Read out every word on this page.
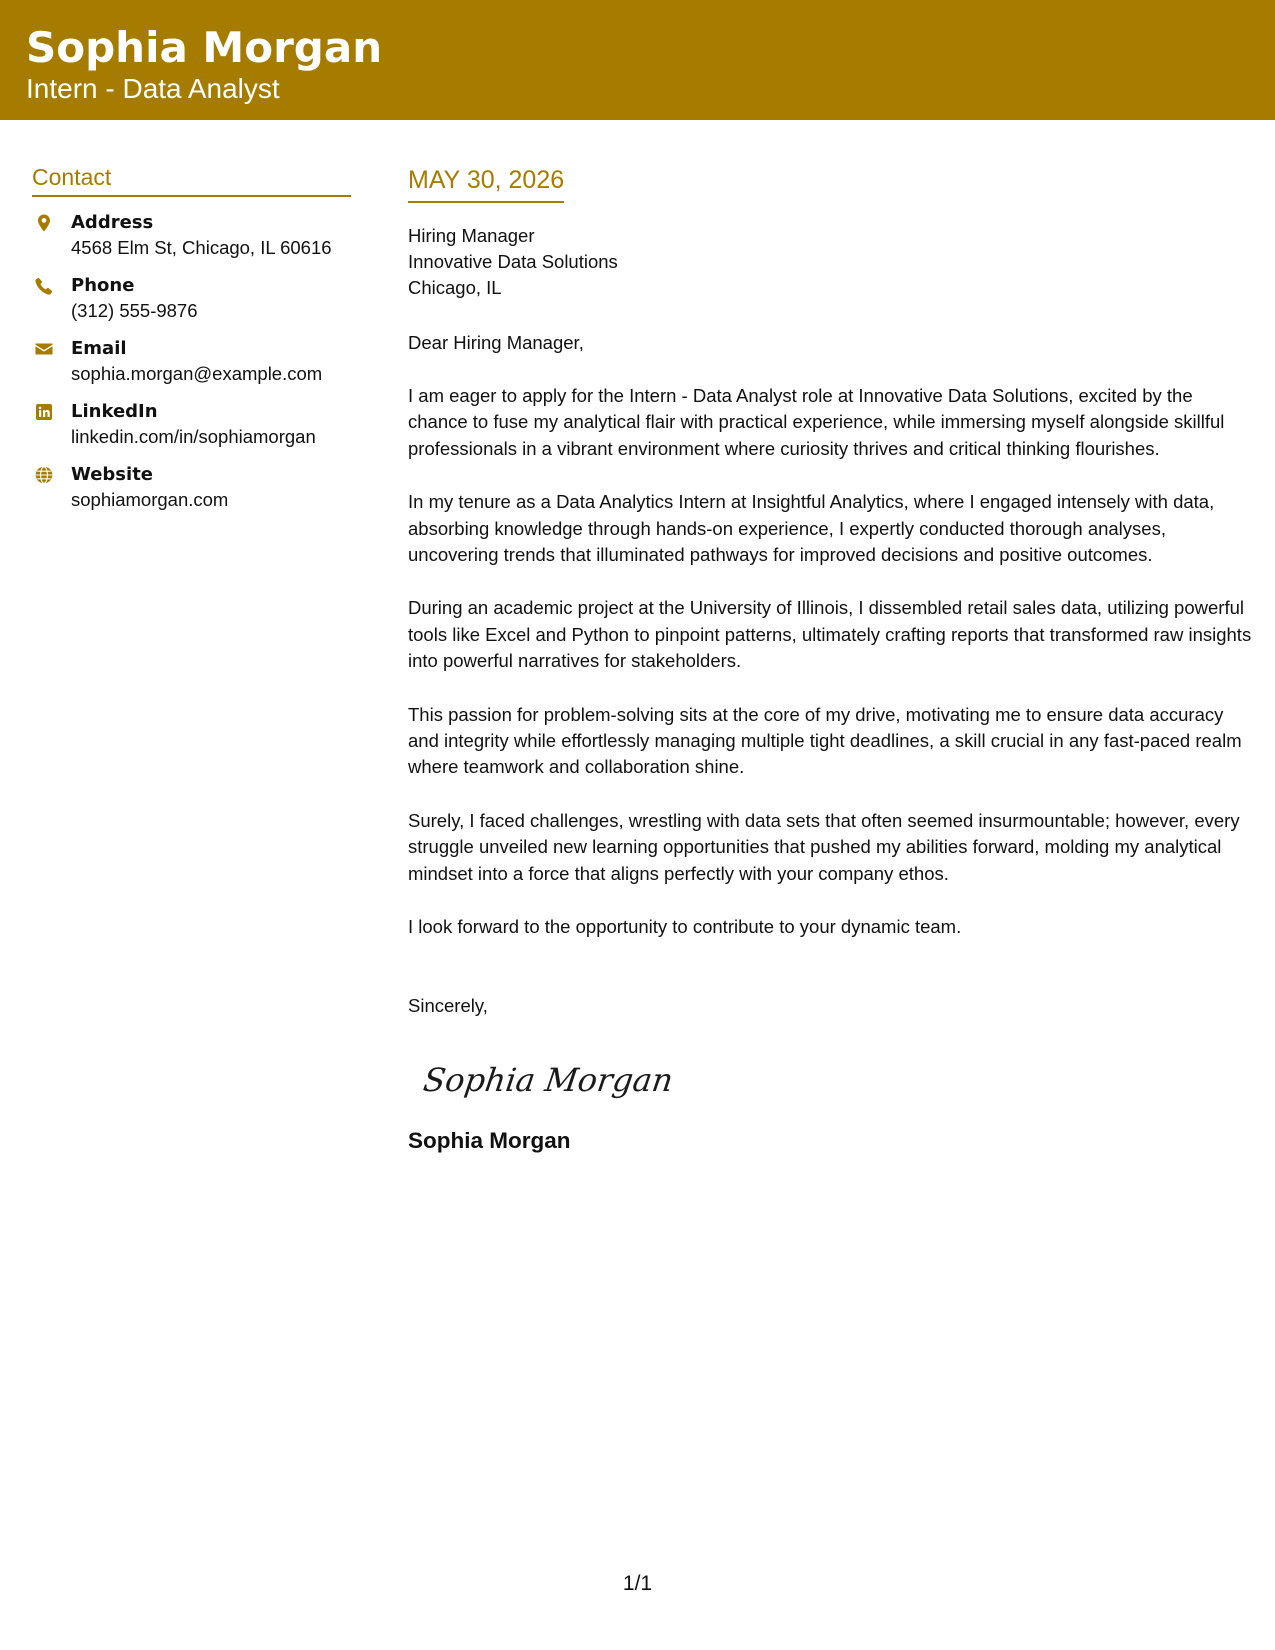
Sophia Morgan
Intern - Data Analyst
Contact
Address
4568 Elm St, Chicago, IL 60616
Phone
(312) 555-9876
Email
sophia.morgan@example.com
LinkedIn
linkedin.com/in/sophiamorgan
Website
sophiamorgan.com
MAY 30, 2026
Hiring Manager
Innovative Data Solutions
Chicago, IL
Dear Hiring Manager,
I am eager to apply for the Intern - Data Analyst role at Innovative Data Solutions, excited by the chance to fuse my analytical flair with practical experience, while immersing myself alongside skillful professionals in a vibrant environment where curiosity thrives and critical thinking flourishes.
In my tenure as a Data Analytics Intern at Insightful Analytics, where I engaged intensely with data, absorbing knowledge through hands-on experience, I expertly conducted thorough analyses, uncovering trends that illuminated pathways for improved decisions and positive outcomes.
During an academic project at the University of Illinois, I dissembled retail sales data, utilizing powerful tools like Excel and Python to pinpoint patterns, ultimately crafting reports that transformed raw insights into powerful narratives for stakeholders.
This passion for problem-solving sits at the core of my drive, motivating me to ensure data accuracy and integrity while effortlessly managing multiple tight deadlines, a skill crucial in any fast-paced realm where teamwork and collaboration shine.
Surely, I faced challenges, wrestling with data sets that often seemed insurmountable; however, every struggle unveiled new learning opportunities that pushed my abilities forward, molding my analytical mindset into a force that aligns perfectly with your company ethos.
I look forward to the opportunity to contribute to your dynamic team.
Sincerely,
Sophia Morgan
Sophia Morgan
1/1
